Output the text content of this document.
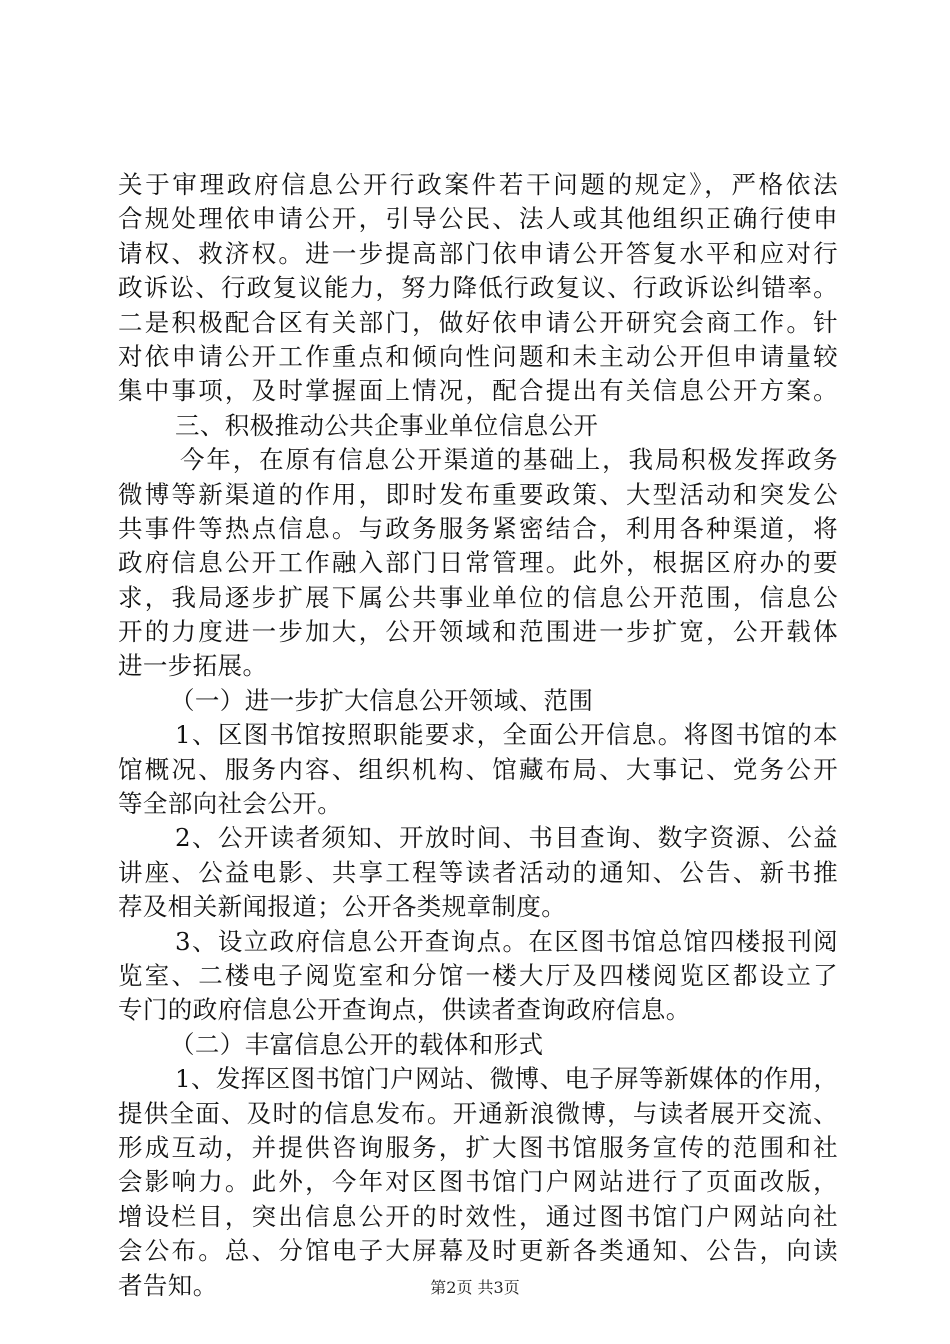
关于审理政府信息公开行政案件若干问题的规定》，严格依法
合规处理依申请公开，引导公民、法人或其他组织正确行使申
请权、救济权。进一步提高部门依申请公开答复水平和应对行
政诉讼、行政复议能力，努力降低行政复议、行政诉讼纠错率。
二是积极配合区有关部门，做好依申请公开研究会商工作。针
对依申请公开工作重点和倾向性问题和未主动公开但申请量较
集中事项，及时掌握面上情况，配合提出有关信息公开方案。
三、积极推动公共企事业单位信息公开
今年，在原有信息公开渠道的基础上，我局积极发挥政务
微博等新渠道的作用，即时发布重要政策、大型活动和突发公
共事件等热点信息。与政务服务紧密结合，利用各种渠道，将
政府信息公开工作融入部门日常管理。此外，根据区府办的要
求，我局逐步扩展下属公共事业单位的信息公开范围，信息公
开的力度进一步加大，公开领域和范围进一步扩宽，公开载体
进一步拓展。
（一）进一步扩大信息公开领域、范围
1、区图书馆按照职能要求，全面公开信息。将图书馆的本
馆概况、服务内容、组织机构、馆藏布局、大事记、党务公开
等全部向社会公开。
2、公开读者须知、开放时间、书目查询、数字资源、公益
讲座、公益电影、共享工程等读者活动的通知、公告、新书推
荐及相关新闻报道；公开各类规章制度。
3、设立政府信息公开查询点。在区图书馆总馆四楼报刊阅
览室、二楼电子阅览室和分馆一楼大厅及四楼阅览区都设立了
专门的政府信息公开查询点，供读者查询政府信息。
（二）丰富信息公开的载体和形式
1、发挥区图书馆门户网站、微博、电子屏等新媒体的作用，
提供全面、及时的信息发布。开通新浪微博，与读者展开交流、
形成互动，并提供咨询服务，扩大图书馆服务宣传的范围和社
会影响力。此外，今年对区图书馆门户网站进行了页面改版，
增设栏目，突出信息公开的时效性，通过图书馆门户网站向社
会公布。总、分馆电子大屏幕及时更新各类通知、公告，向读
者告知。	第2页 共3页
